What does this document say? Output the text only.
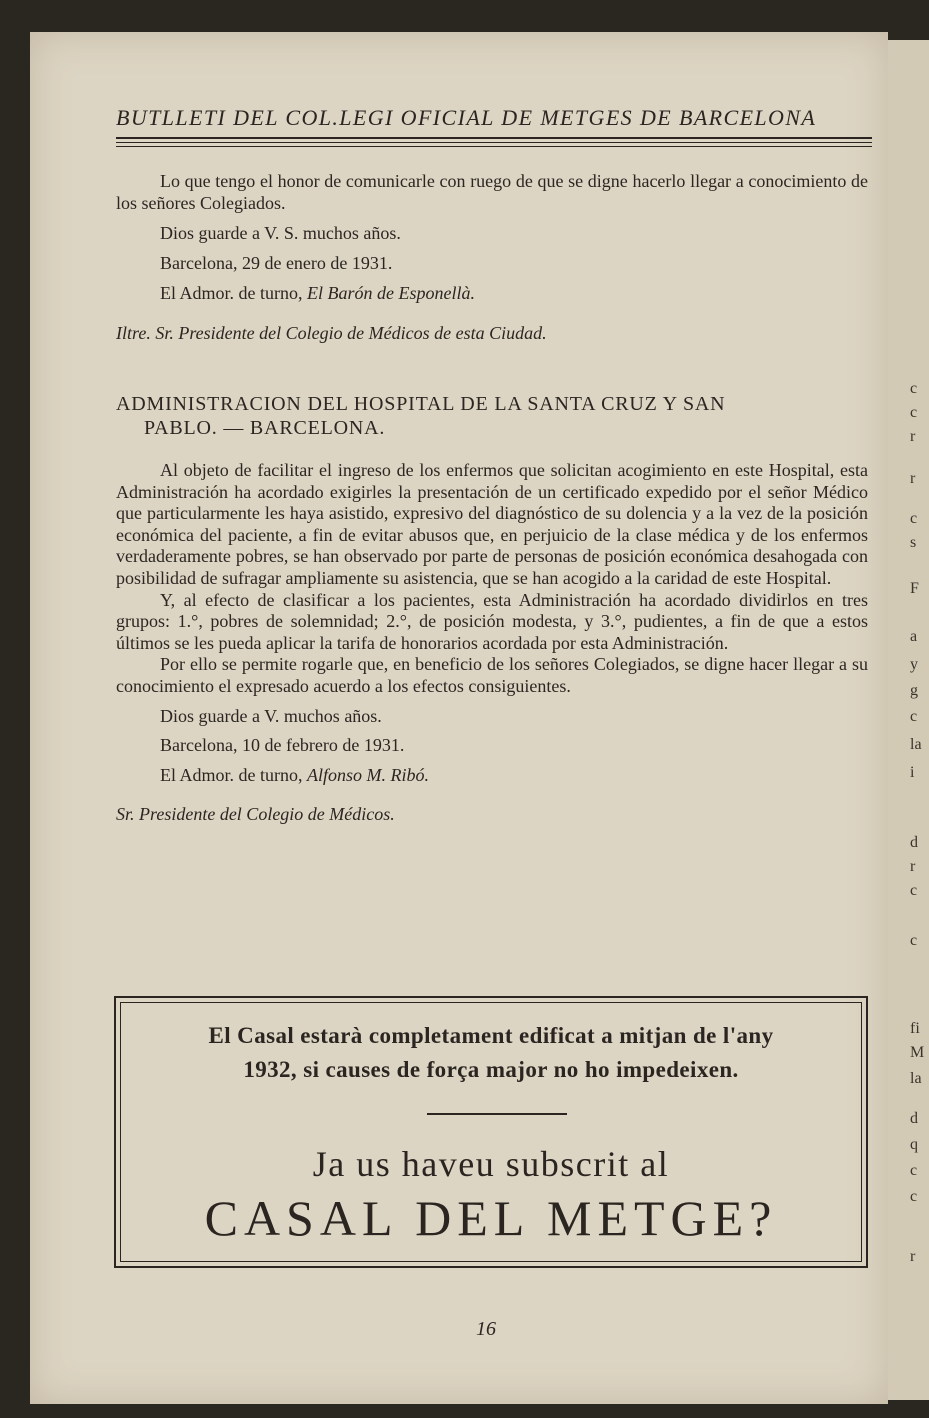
c
c
r
r
c
s
F
a
y
g
c
la
i
d
r
c
c
fi
M
la
d
q
c
c
r
BUTLLETI DEL COL.LEGI OFICIAL DE METGES DE BARCELONA

Lo que tengo el honor de comunicarle con ruego de que se digne hacerlo llegar a conocimiento de los señores Colegiados.

Dios guarde a V. S. muchos años.

Barcelona, 29 de enero de 1931.

El Admor. de turno, El Barón de Esponellà.

Iltre. Sr. Presidente del Colegio de Médicos de esta Ciudad.

ADMINISTRACION DEL HOSPITAL DE LA SANTA CRUZ Y SAN
PABLO. — BARCELONA.

Al objeto de facilitar el ingreso de los enfermos que solicitan acogimiento en este Hospital, esta Administración ha acordado exigirles la presentación de un certificado expedido por el señor Médico que particularmente les haya asistido, expresivo del diagnóstico de su dolencia y a la vez de la posición económica del paciente, a fin de evitar abusos que, en perjuicio de la clase médica y de los enfermos verdaderamente pobres, se han observado por parte de personas de posición económica desahogada con posibilidad de sufragar ampliamente su asistencia, que se han acogido a la caridad de este Hospital.

Y, al efecto de clasificar a los pacientes, esta Administración ha acordado dividirlos en tres grupos: 1.°, pobres de solemnidad; 2.°, de posición modesta, y 3.°, pudientes, a fin de que a estos últimos se les pueda aplicar la tarifa de honorarios acordada por esta Administración.

Por ello se permite rogarle que, en beneficio de los señores Colegiados, se digne hacer llegar a su conocimiento el expresado acuerdo a los efectos consiguientes.

Dios guarde a V. muchos años.

Barcelona, 10 de febrero de 1931.

El Admor. de turno, Alfonso M. Ribó.

Sr. Presidente del Colegio de Médicos.

El Casal estarà completament edificat a mitjan de l'any
1932, si causes de força major no ho impedeixen.
Ja us haveu subscrit al
CASAL DEL METGE?
16
